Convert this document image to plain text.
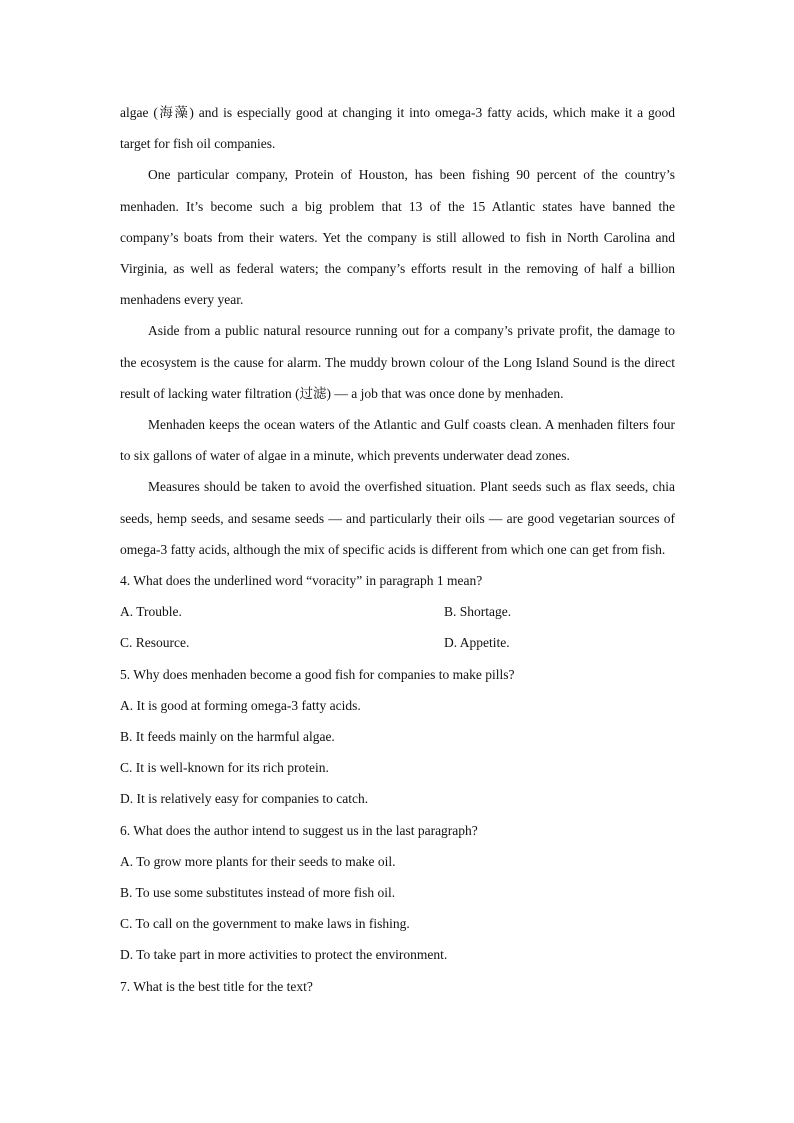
algae (海藻) and is especially good at changing it into omega-3 fatty acids, which make it a good target for fish oil companies.

One particular company, Protein of Houston, has been fishing 90 percent of the country’s menhaden. It’s become such a big problem that 13 of the 15 Atlantic states have banned the company’s boats from their waters. Yet the company is still allowed to fish in North Carolina and Virginia, as well as federal waters; the company’s efforts result in the removing of half a billion menhadens every year.

Aside from a public natural resource running out for a company’s private profit, the damage to the ecosystem is the cause for alarm. The muddy brown colour of the Long Island Sound is the direct result of lacking water filtration (过滤) — a job that was once done by menhaden.

Menhaden keeps the ocean waters of the Atlantic and Gulf coasts clean. A menhaden filters four to six gallons of water of algae in a minute, which prevents underwater dead zones.

Measures should be taken to avoid the overfished situation. Plant seeds such as flax seeds, chia seeds, hemp seeds, and sesame seeds — and particularly their oils — are good vegetarian sources of omega-3 fatty acids, although the mix of specific acids is different from which one can get from fish.

4. What does the underlined word “voracity” in paragraph 1 mean?

A. Trouble.	B. Shortage.
C. Resource.	D. Appetite.

5. Why does menhaden become a good fish for companies to make pills?

A. It is good at forming omega-3 fatty acids.

B. It feeds mainly on the harmful algae.

C. It is well-known for its rich protein.

D. It is relatively easy for companies to catch.

6. What does the author intend to suggest us in the last paragraph?

A. To grow more plants for their seeds to make oil.

B. To use some substitutes instead of more fish oil.

C. To call on the government to make laws in fishing.

D. To take part in more activities to protect the environment.

7. What is the best title for the text?
